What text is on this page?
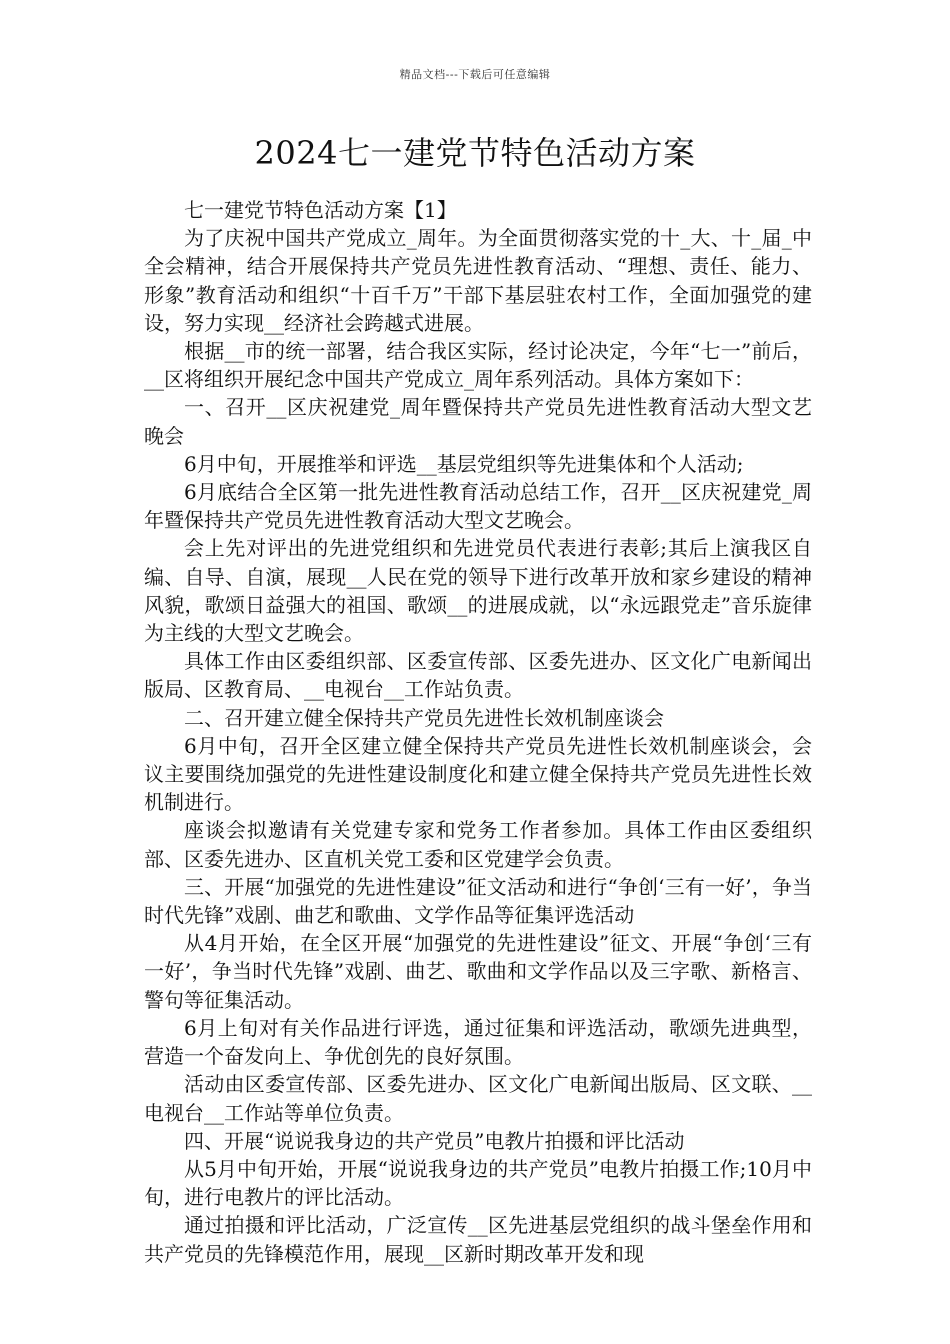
精品文档---下载后可任意编辑
2024七一建党节特色活动方案

七一建党节特色活动方案【1】

为了庆祝中国共产党成立_周年。为全面贯彻落实党的十_大、十_届_中全会精神，结合开展保持共产党员先进性教育活动、“理想、责任、能力、形象”教育活动和组织“十百千万”干部下基层驻农村工作，全面加强党的建设，努力实现__经济社会跨越式进展。

根据__市的统一部署，结合我区实际，经讨论决定，今年“七一”前后，__区将组织开展纪念中国共产党成立_周年系列活动。具体方案如下：

一、召开__区庆祝建党_周年暨保持共产党员先进性教育活动大型文艺晚会

6月中旬，开展推举和评选__基层党组织等先进集体和个人活动;

6月底结合全区第一批先进性教育活动总结工作，召开__区庆祝建党_周年暨保持共产党员先进性教育活动大型文艺晚会。

会上先对评出的先进党组织和先进党员代表进行表彰;其后上演我区自编、自导、自演，展现__人民在党的领导下进行改革开放和家乡建设的精神风貌，歌颂日益强大的祖国、歌颂__的进展成就，以“永远跟党走”音乐旋律为主线的大型文艺晚会。

具体工作由区委组织部、区委宣传部、区委先进办、区文化广电新闻出版局、区教育局、__电视台__工作站负责。

二、召开建立健全保持共产党员先进性长效机制座谈会

6月中旬，召开全区建立健全保持共产党员先进性长效机制座谈会，会议主要围绕加强党的先进性建设制度化和建立健全保持共产党员先进性长效机制进行。

座谈会拟邀请有关党建专家和党务工作者参加。具体工作由区委组织部、区委先进办、区直机关党工委和区党建学会负责。

三、开展“加强党的先进性建设”征文活动和进行“争创‘三有一好’，争当时代先锋”戏剧、曲艺和歌曲、文学作品等征集评选活动

从4月开始，在全区开展“加强党的先进性建设”征文、开展“争创‘三有一好’，争当时代先锋”戏剧、曲艺、歌曲和文学作品以及三字歌、新格言、警句等征集活动。

6月上旬对有关作品进行评选，通过征集和评选活动，歌颂先进典型，营造一个奋发向上、争优创先的良好氛围。

活动由区委宣传部、区委先进办、区文化广电新闻出版局、区文联、__电视台__工作站等单位负责。

四、开展“说说我身边的共产党员”电教片拍摄和评比活动

从5月中旬开始，开展“说说我身边的共产党员”电教片拍摄工作;10月中旬，进行电教片的评比活动。

通过拍摄和评比活动，广泛宣传__区先进基层党组织的战斗堡垒作用和共产党员的先锋模范作用，展现__区新时期改革开发和现
